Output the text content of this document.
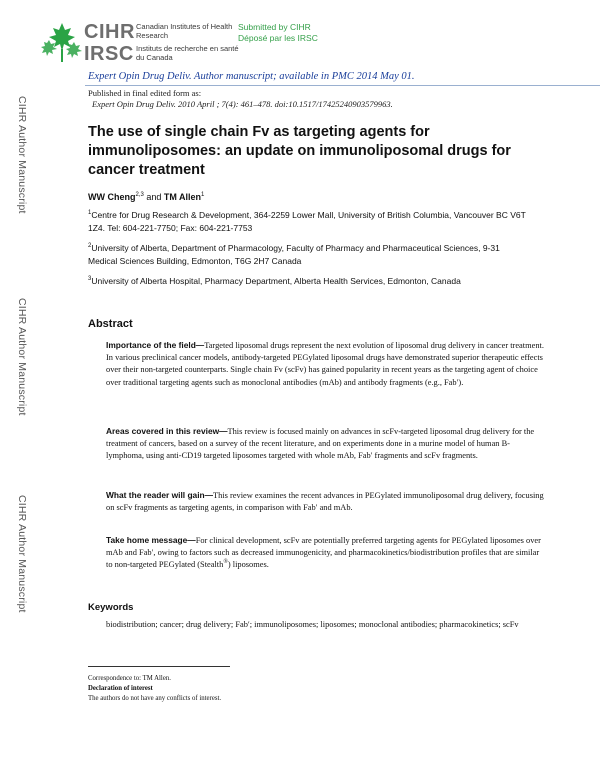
CIHR
IRSC
Canadian Institutes of Health Research
Instituts de recherche en santé du Canada
Submitted by CIHR
Déposé par les IRSC
Expert Opin Drug Deliv. Author manuscript; available in PMC 2014 May 01.
Published in final edited form as:
Expert Opin Drug Deliv. 2010 April ; 7(4): 461–478. doi:10.1517/17425240903579963.
CIHR Author Manuscript
CIHR Author Manuscript
CIHR Author Manuscript
The use of single chain Fv as targeting agents for immunoliposomes: an update on immunoliposomal drugs for cancer treatment
WW Cheng$^{2,3}$ and TM Allen$^1$
$^1$Centre for Drug Research & Development, 364-2259 Lower Mall, University of British Columbia, Vancouver BC V6T 1Z4. Tel: 604-221-7750; Fax: 604-221-7753
$^2$University of Alberta, Department of Pharmacology, Faculty of Pharmacy and Pharmaceutical Sciences, 9-31 Medical Sciences Building, Edmonton, T6G 2H7 Canada
$^3$University of Alberta Hospital, Pharmacy Department, Alberta Health Services, Edmonton, Canada
Abstract
Importance of the field—Targeted liposomal drugs represent the next evolution of liposomal drug delivery in cancer treatment. In various preclinical cancer models, antibody-targeted PEGylated liposomal drugs have demonstrated superior therapeutic effects over their non-targeted counterparts. Single chain Fv (scFv) has gained popularity in recent years as the targeting agent of choice over traditional targeting agents such as monoclonal antibodies (mAb) and antibody fragments (e.g., Fab′).
Areas covered in this review—This review is focused mainly on advances in scFv-targeted liposomal drug delivery for the treatment of cancers, based on a survey of the recent literature, and on experiments done in a murine model of human B-lymphoma, using anti-CD19 targeted liposomes targeted with whole mAb, Fab′ fragments and scFv fragments.
What the reader will gain—This review examines the recent advances in PEGylated immunoliposomal drug delivery, focusing on scFv fragments as targeting agents, in comparison with Fab′ and mAb.
Take home message—For clinical development, scFv are potentially preferred targeting agents for PEGylated liposomes over mAb and Fab′, owing to factors such as decreased immunogenicity, and pharmacokinetics/biodistribution profiles that are similar to non-targeted PEGylated (Stealth®) liposomes.
Keywords
biodistribution; cancer; drug delivery; Fab′; immunoliposomes; liposomes; monoclonal antibodies; pharmacokinetics; scFv
Correspondence to: TM Allen.
Declaration of interest
The authors do not have any conflicts of interest.
